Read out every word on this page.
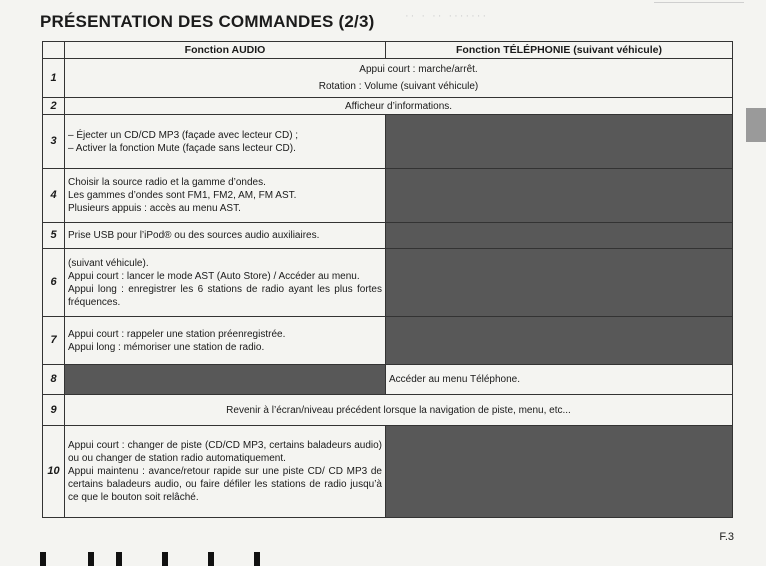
·· · ·· ·······
PRÉSENTATION DES COMMANDES (2/3)
	Fonction AUDIO	Fonction TÉLÉPHONIE (suivant véhicule)
1	Appui court : marche/arrêt.
Rotation : Volume (suivant véhicule)	

2	Afficheur d’informations.	
3	– Éjecter un CD/CD MP3 (façade avec lecteur CD) ;
– Activer la fonction Mute (façade sans lecteur CD).	

4	Choisir la source radio et la gamme d’ondes.
Les gammes d’ondes sont FM1, FM2, AM, FM AST.
Plusieurs appuis : accès au menu AST.	

5	Prise USB pour l’iPod® ou des sources audio auxiliaires.	
6	(suivant véhicule).
Appui court : lancer le mode AST (Auto Store) / Accéder au menu.
Appui long : enregistrer les 6 stations de radio ayant les plus fortes fréquences.	

7	Appui court : rappeler une station préenregistrée.
Appui long : mémoriser une station de radio.	

8		Accéder au menu Téléphone.
9	Revenir à l’écran/niveau précédent lorsque la navigation de piste, menu, etc...	
10	Appui court : changer de piste (CD/CD MP3, certains baladeurs audio) ou ou changer de station radio automatiquement.
Appui maintenu : avance/retour rapide sur une piste CD/ CD MP3 de certains baladeurs audio, ou faire défiler les stations de radio jusqu’à ce que le bouton soit relâché.	

F.3
